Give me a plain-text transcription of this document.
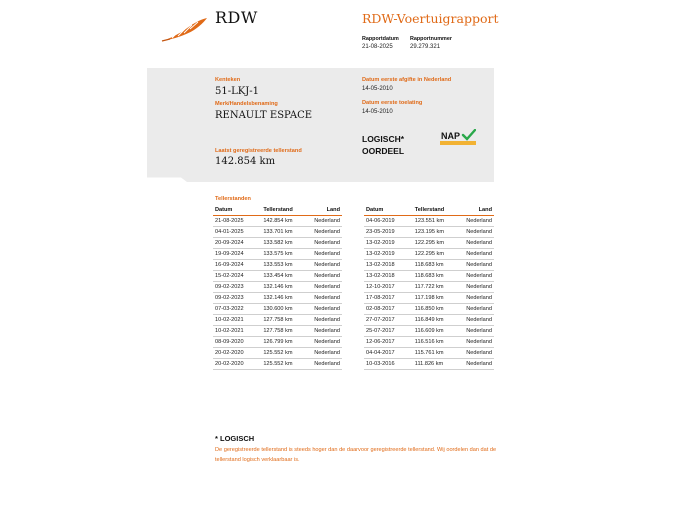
RDW	RDW-Voertuigrapport
Rapportdatum
21-08-2025
Rapportnummer
29.279.321
Kenteken
51-LKJ-1
Merk/Handelsbenaming
RENAULT ESPACE
Laatst geregistreerde tellerstand
142.854 km
Datum eerste afgifte in Nederland
14-05-2010
Datum eerste toelating
14-05-2010
LOGISCH*
OORDEEL
NAP
Tellerstanden
Datum	Tellerstand	Land
21-08-2025	142.854 km	Nederland
04-01-2025	133.701 km	Nederland
20-09-2024	133.582 km	Nederland
19-09-2024	133.575 km	Nederland
16-09-2024	133.553 km	Nederland
15-02-2024	133.454 km	Nederland
09-02-2023	132.146 km	Nederland
09-02-2023	132.146 km	Nederland
07-03-2022	130.600 km	Nederland
10-02-2021	127.758 km	Nederland
10-02-2021	127.758 km	Nederland
08-09-2020	126.799 km	Nederland
20-02-2020	125.552 km	Nederland
20-02-2020	125.552 km	Nederland
Datum	Tellerstand	Land
04-06-2019	123.551 km	Nederland
23-05-2019	123.195 km	Nederland
13-02-2019	122.295 km	Nederland
13-02-2019	122.295 km	Nederland
13-02-2018	118.683 km	Nederland
13-02-2018	118.683 km	Nederland
12-10-2017	117.722 km	Nederland
17-08-2017	117.198 km	Nederland
02-08-2017	116.850 km	Nederland
27-07-2017	116.849 km	Nederland
25-07-2017	116.609 km	Nederland
12-06-2017	116.516 km	Nederland
04-04-2017	115.761 km	Nederland
10-03-2016	111.826 km	Nederland
* LOGISCH
De geregistreerde tellerstand is steeds hoger dan de daarvoor geregistreerde tellerstand. Wij oordelen dan dat de tellerstand logisch verklaarbaar is.
